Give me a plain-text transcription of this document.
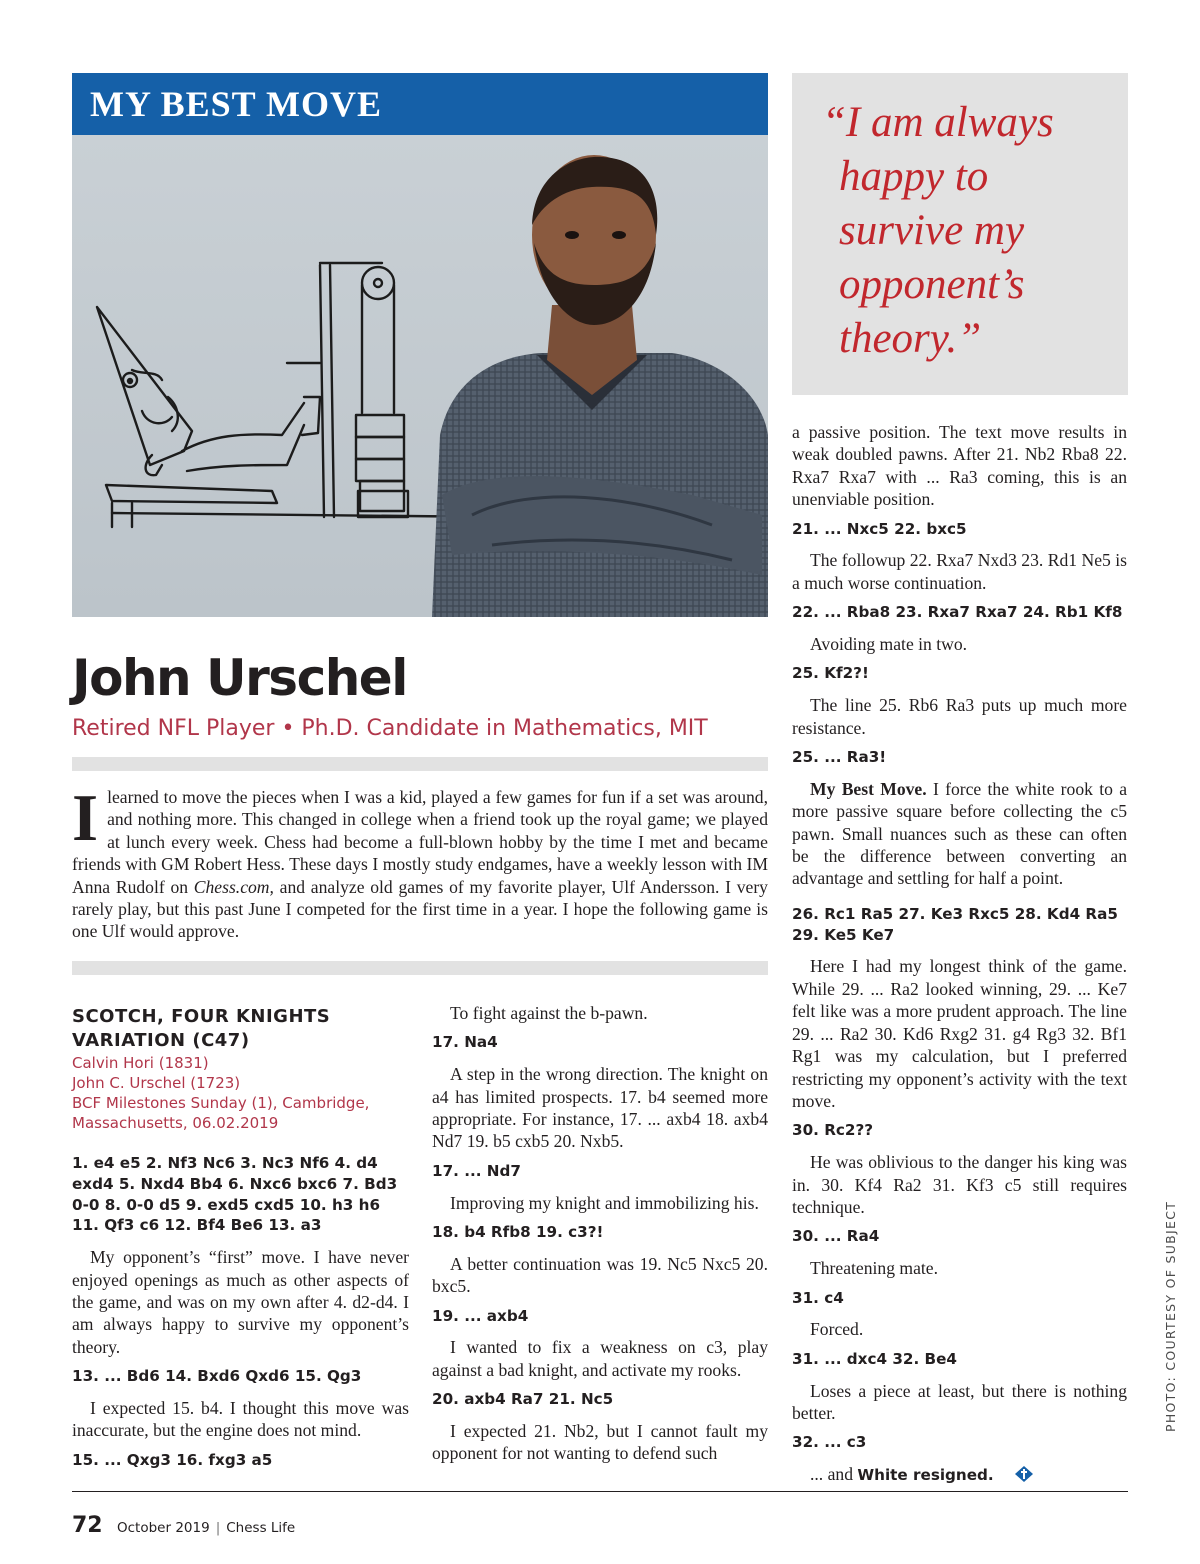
MY BEST MOVE	“I am always
happy to
survive my
opponent’s
theory.”
John Urschel
Retired NFL Player • Ph.D. Candidate in Mathematics, MIT
Ilearned to move the pieces when I was a kid, played a few games for fun if a set was around, and nothing more. This changed in college when a friend took up the royal game; we played at lunch every week. Chess had become a full-blown hobby by the time I met and became friends with GM Robert Hess. These days I mostly study endgames, have a weekly lesson with IM Anna Rudolf on Chess.com, and analyze old games of my favorite player, Ulf Andersson. I very rarely play, but this past June I competed for the first time in a year. I hope the following game is one Ulf would approve.
SCOTCH, FOUR KNIGHTS VARIATION (C47)
Calvin Hori (1831)
John C. Urschel (1723)
BCF Milestones Sunday (1), Cambridge, Massachusetts, 06.02.2019
1. e4 e5 2. Nf3 Nc6 3. Nc3 Nf6 4. d4 exd4 5. Nxd4 Bb4 6. Nxc6 bxc6 7. Bd3 0-0 8. 0-0 d5 9. exd5 cxd5 10. h3 h6 11. Qf3 c6 12. Bf4 Be6 13. a3

My opponent’s “first” move. I have never enjoyed openings as much as other aspects of the game, and was on my own after 4. d2-d4. I am always happy to survive my opponent’s theory.

13. ... Bd6 14. Bxd6 Qxd6 15. Qg3

I expected 15. b4. I thought this move was inaccurate, but the engine does not mind.

15. ... Qxg3 16. fxg3 a5

To fight against the b-pawn.

17. Na4

A step in the wrong direction. The knight on a4 has limited prospects. 17. b4 seemed more appropriate. For instance, 17. ... axb4 18. axb4 Nd7 19. b5 cxb5 20. Nxb5.

17. ... Nd7

Improving my knight and immobilizing his.

18. b4 Rfb8 19. c3?!

A better continuation was 19. Nc5 Nxc5 20. bxc5.

19. ... axb4

I wanted to fix a weakness on c3, play against a bad knight, and activate my rooks.

20. axb4 Ra7 21. Nc5

I expected 21. Nb2, but I cannot fault my opponent for not wanting to defend such

a passive position. The text move results in weak doubled pawns. After 21. Nb2 Rba8 22. Rxa7 Rxa7 with ... Ra3 coming, this is an unenviable position.

21. ... Nxc5 22. bxc5

The followup 22. Rxa7 Nxd3 23. Rd1 Ne5 is a much worse continuation.

22. ... Rba8 23. Rxa7 Rxa7 24. Rb1 Kf8

Avoiding mate in two.

25. Kf2?!

The line 25. Rb6 Ra3 puts up much more resistance.

25. ... Ra3!

My Best Move. I force the white rook to a more passive square before collecting the c5 pawn. Small nuances such as these can often be the difference between converting an advantage and settling for half a point.

26. Rc1 Ra5 27. Ke3 Rxc5 28. Kd4 Ra5 29. Ke5 Ke7

Here I had my longest think of the game. While 29. ... Ra2 looked winning, 29. ... Ke7 felt like was a more prudent approach. The line 29. ... Ra2 30. Kd6 Rxg2 31. g4 Rg3 32. Bf1 Rg1 was my calculation, but I preferred restricting my opponent’s activity with the text move.

30. Rc2??

He was oblivious to the danger his king was in. 30. Kf4 Ra2 31. Kf3 c5 still requires technique.

30. ... Ra4

Threatening mate.

31. c4

Forced.

31. ... dxc4 32. Be4

Loses a piece at least, but there is nothing better.

32. ... c3

... and White resigned.

PHOTO: COURTESY OF SUBJECT
72 October 2019 | Chess Life
